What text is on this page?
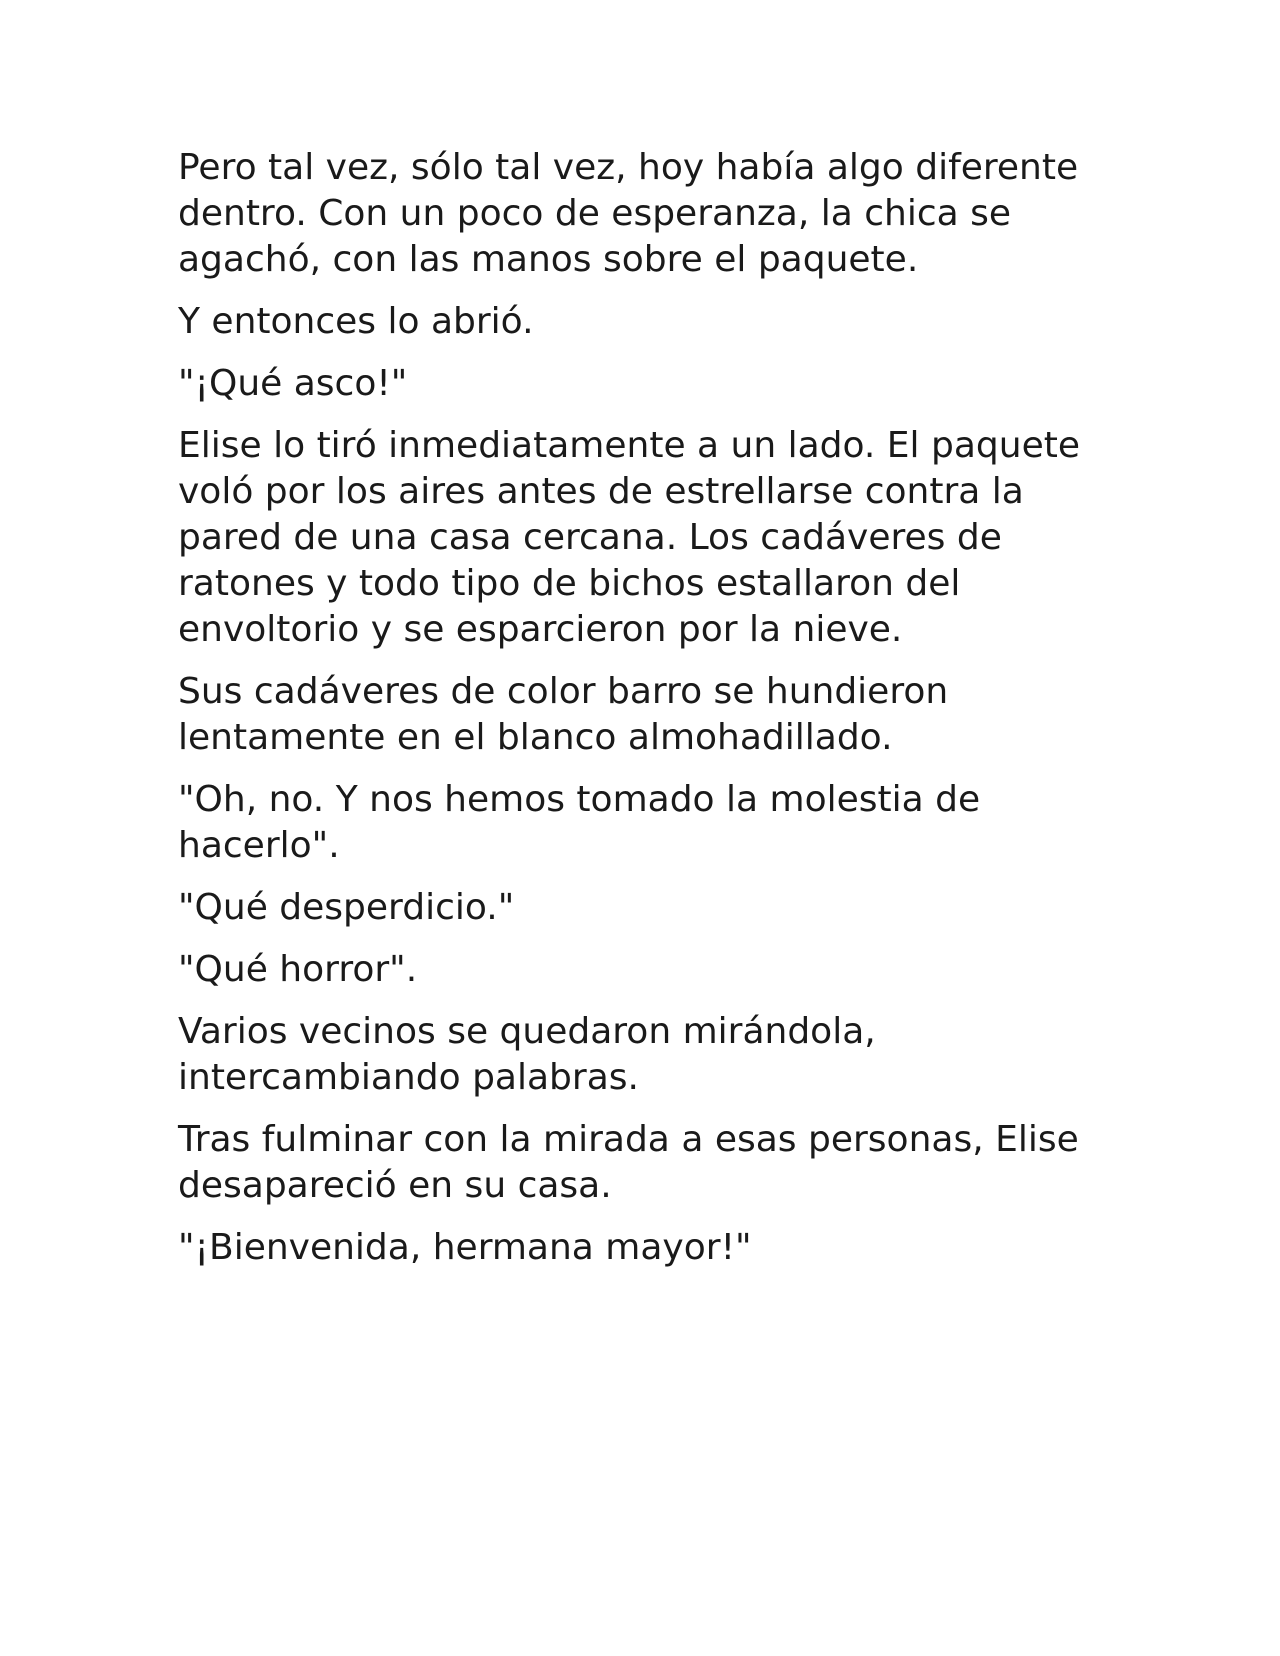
Pero tal vez, sólo tal vez, hoy había algo diferente dentro. Con un poco de esperanza, la chica se agachó, con las manos sobre el paquete.

Y entonces lo abrió.

"¡Qué asco!"

Elise lo tiró inmediatamente a un lado. El paquete voló por los aires antes de estrellarse contra la pared de una casa cercana. Los cadáveres de ratones y todo tipo de bichos estallaron del envoltorio y se esparcieron por la nieve.

Sus cadáveres de color barro se hundieron lentamente en el blanco almohadillado.

"Oh, no. Y nos hemos tomado la molestia de hacerlo".

"Qué desperdicio."

"Qué horror".

Varios vecinos se quedaron mirándola, intercambiando palabras.

Tras fulminar con la mirada a esas personas, Elise desapareció en su casa.

"¡Bienvenida, hermana mayor!"
